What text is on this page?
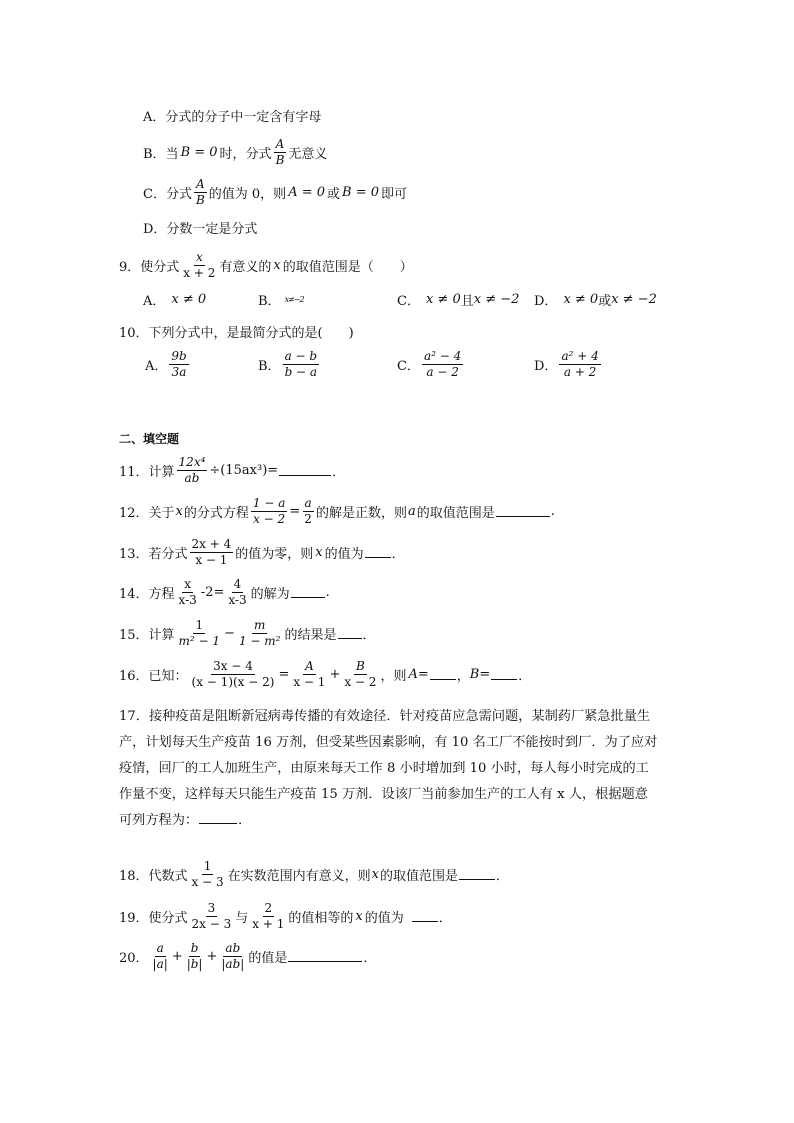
A．分式的分子中一定含有字母
B．当 B = 0 时，分式 $\frac{A}{B}$ 无意义
C．分式 $\frac{A}{B}$ 的值为 0，则 A = 0 或 B = 0 即可
D．分数一定是分式
9．使分式 $\frac{x}{x + 2}$ 有意义的 x 的取值范围是（　　）
A． x ≠ 0	B． x≠−2	C． x ≠ 0 且 x ≠ −2 D． x ≠ 0 或 x ≠ −2
10．下列分式中，是最简分式的是(　　)
A． $\frac{9b}{3a}$	B． $\frac{a - b}{b - a}$	C． $\frac{\text{a² − 4}}{a - 2}$	D． $\frac{\text{a² + 4}}{a + 2}$
二、填空题
11．计算 $\frac{\text{12x⁴}}{ab} \div(15ax^3)=$	．
12．关于 x 的分式方程 $\frac{1 - a}{x - 2} = \frac{a}{2}$ 的解是正数，则 a 的取值范围是	.
13．若分式 $\frac{2x + 4}{x - 1}$ 的值为零，则 x 的值为 ．
14．方程 $\frac{x}{x-3} -2= \frac{4}{x-3}$ 的解为	.
15．计算 $\frac{1}{\text{m² − 1}} - \frac{m}{\text{1 − m²}}$ 的结果是 ．
16．已知： $\frac{3x - 4}{(x - 1)(x - 2)} = \frac{A}{x - 1} + \frac{B}{x - 2}$ ，则 A= ， B= ．
17．接种疫苗是阻断新冠病毒传播的有效途径．针对疫苗应急需问题，某制药厂紧急批量生
产，计划每天生产疫苗 16 万剂，但受某些因素影响，有 10 名工厂不能按时到厂．为了应对
疫情，回厂的工人加班生产，由原来每天工作 8 小时增加到 10 小时，每人每小时完成的工
作量不变，这样每天只能生产疫苗 15 万剂．设该厂当前参加生产的工人有 x 人，根据题意
可列方程为：	．
18．代数式 $\frac{1}{x - 3}$ 在实数范围内有意义，则 x 的取值范围是	．
19．使分式 $\frac{3}{2x - 3}$ 与 $\frac{2}{x + 1}$ 的值相等的 x 的值为	．
20． $\frac{a}{|a|} + \frac{b}{|b|} + \frac{ab}{|ab|}$ 的值是	．
